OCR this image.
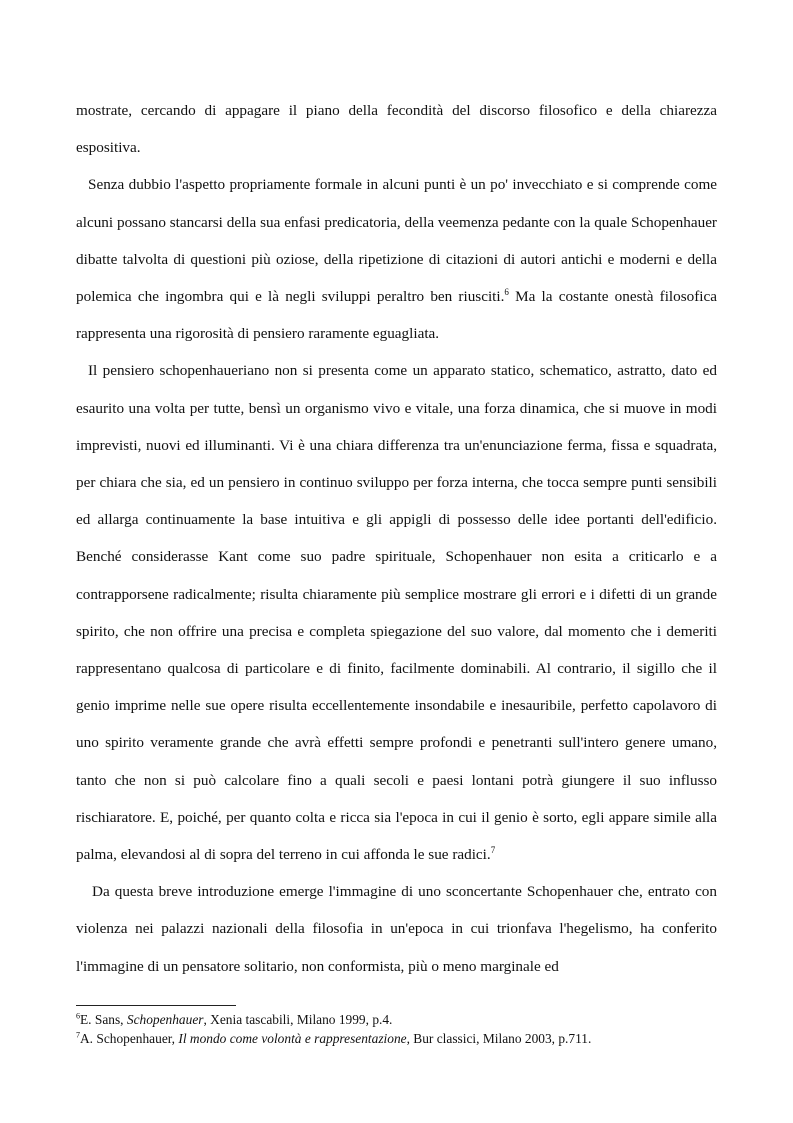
mostrate, cercando di appagare il piano della fecondità del discorso filosofico e della chiarezza espositiva.

Senza dubbio l'aspetto propriamente formale in alcuni punti è un po' invecchiato e si comprende come alcuni possano stancarsi della sua enfasi predicatoria, della veemenza pedante con la quale Schopenhauer dibatte talvolta di questioni più oziose, della ripetizione di citazioni di autori antichi e moderni e della polemica che ingombra qui e là negli sviluppi peraltro ben riusciti.$^6$ Ma la costante onestà filosofica rappresenta una rigorosità di pensiero raramente eguagliata.

Il pensiero schopenhaueriano non si presenta come un apparato statico, schematico, astratto, dato ed esaurito una volta per tutte, bensì un organismo vivo e vitale, una forza dinamica, che si muove in modi imprevisti, nuovi ed illuminanti. Vi è una chiara differenza tra un'enunciazione ferma, fissa e squadrata, per chiara che sia, ed un pensiero in continuo sviluppo per forza interna, che tocca sempre punti sensibili ed allarga continuamente la base intuitiva e gli appigli di possesso delle idee portanti dell'edificio. Benché considerasse Kant come suo padre spirituale, Schopenhauer non esita a criticarlo e a contrapporsene radicalmente; risulta chiaramente più semplice mostrare gli errori e i difetti di un grande spirito, che non offrire una precisa e completa spiegazione del suo valore, dal momento che i demeriti rappresentano qualcosa di particolare e di finito, facilmente dominabili. Al contrario, il sigillo che il genio imprime nelle sue opere risulta eccellentemente insondabile e inesauribile, perfetto capolavoro di uno spirito veramente grande che avrà effetti sempre profondi e penetranti sull'intero genere umano, tanto che non si può calcolare fino a quali secoli e paesi lontani potrà giungere il suo influsso rischiaratore. E, poiché, per quanto colta e ricca sia l'epoca in cui il genio è sorto, egli appare simile alla palma, elevandosi al di sopra del terreno in cui affonda le sue radici.$^7$

Da questa breve introduzione emerge l'immagine di uno sconcertante Schopenhauer che, entrato con violenza nei palazzi nazionali della filosofia in un'epoca in cui trionfava l'hegelismo, ha conferito l'immagine di un pensatore solitario, non conformista, più o meno marginale ed

$^6$E. Sans, Schopenhauer, Xenia tascabili, Milano 1999, p.4.

$^7$A. Schopenhauer, Il mondo come volontà e rappresentazione, Bur classici, Milano 2003, p.711.
